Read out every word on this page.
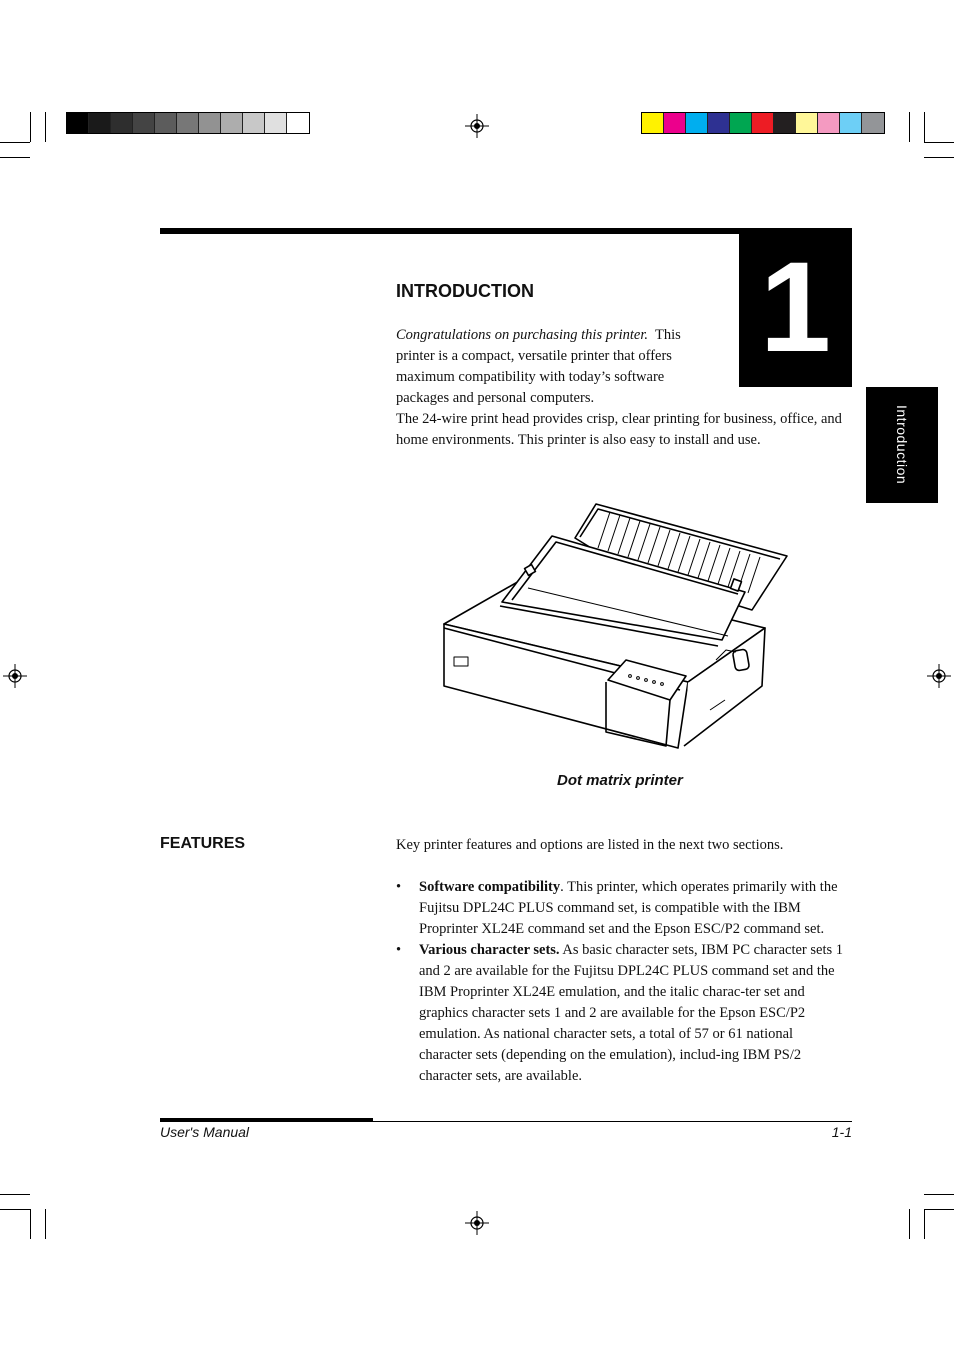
1
Introduction
INTRODUCTION
Congratulations on purchasing this printer. This
printer is a compact, versatile printer that offers
maximum compatibility with today’s software
packages and personal computers.
The 24-wire print head provides crisp, clear printing for business, office, and home environments. This printer is also easy to install and use.
Dot matrix printer
FEATURES	Key printer features and options are listed in the next two sections.
• Software compatibility. This printer, which operates primarily with the Fujitsu DPL24C PLUS command set, is compatible with the IBM Proprinter XL24E command set and the Epson ESC/P2 command set.
• Various character sets. As basic character sets, IBM PC character sets 1 and 2 are available for the Fujitsu DPL24C PLUS command set and the IBM Proprinter XL24E emulation, and the italic charac-ter set and graphics character sets 1 and 2 are available for the Epson ESC/P2 emulation. As national character sets, a total of 57 or 61 national character sets (depending on the emulation), includ-ing IBM PS/2 character sets, are available.
User's Manual	1-1
